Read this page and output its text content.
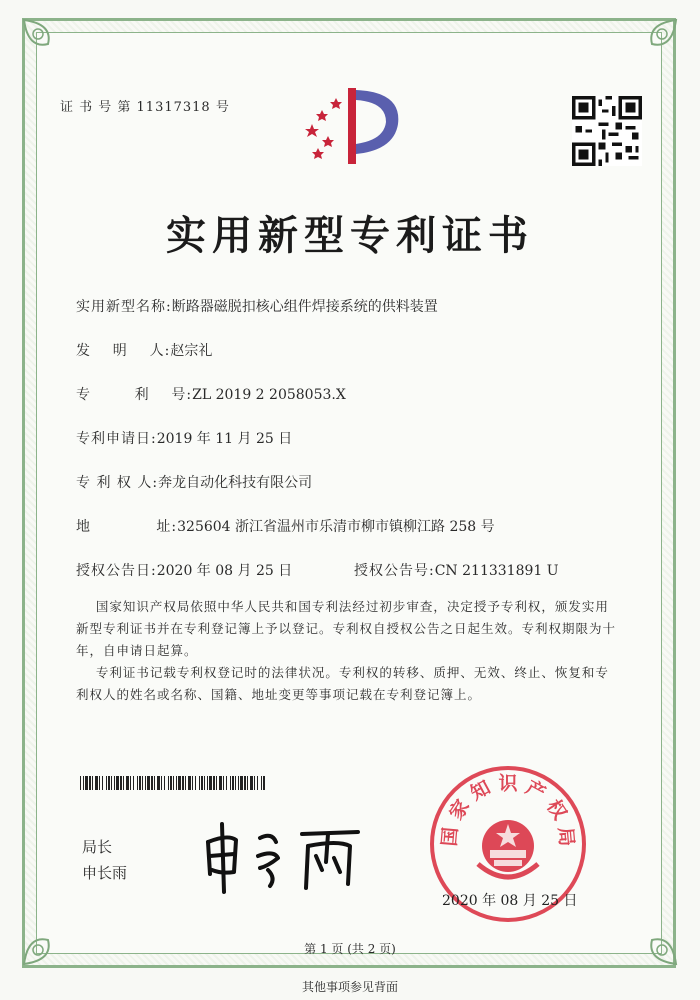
证 书 号 第 11317318 号
实用新型专利证书
实用新型名称:断路器磁脱扣核心组件焊接系统的供料装置
发    明    人:赵宗礼
专        利    号:ZL 2019 2 2058053.X
专利申请日:2019 年 11 月 25 日
专 利 权 人:奔龙自动化科技有限公司
地            址:325604 浙江省温州市乐清市柳市镇柳江路 258 号
授权公告日:2020 年 08 月 25 日	授权公告号:CN 211331891 U
国家知识产权局依照中华人民共和国专利法经过初步审查，决定授予专利权，颁发实用
新型专利证书并在专利登记簿上予以登记。专利权自授权公告之日起生效。专利权期限为十
年，自申请日起算。
专利证书记载专利权登记时的法律状况。专利权的转移、质押、无效、终止、恢复和专
利权人的姓名或名称、国籍、地址变更等事项记载在专利登记簿上。
局长
申长雨
国 家 知 识 产 权 局
2020 年 08 月 25 日
第 1 页 (共 2 页)
其他事项参见背面
